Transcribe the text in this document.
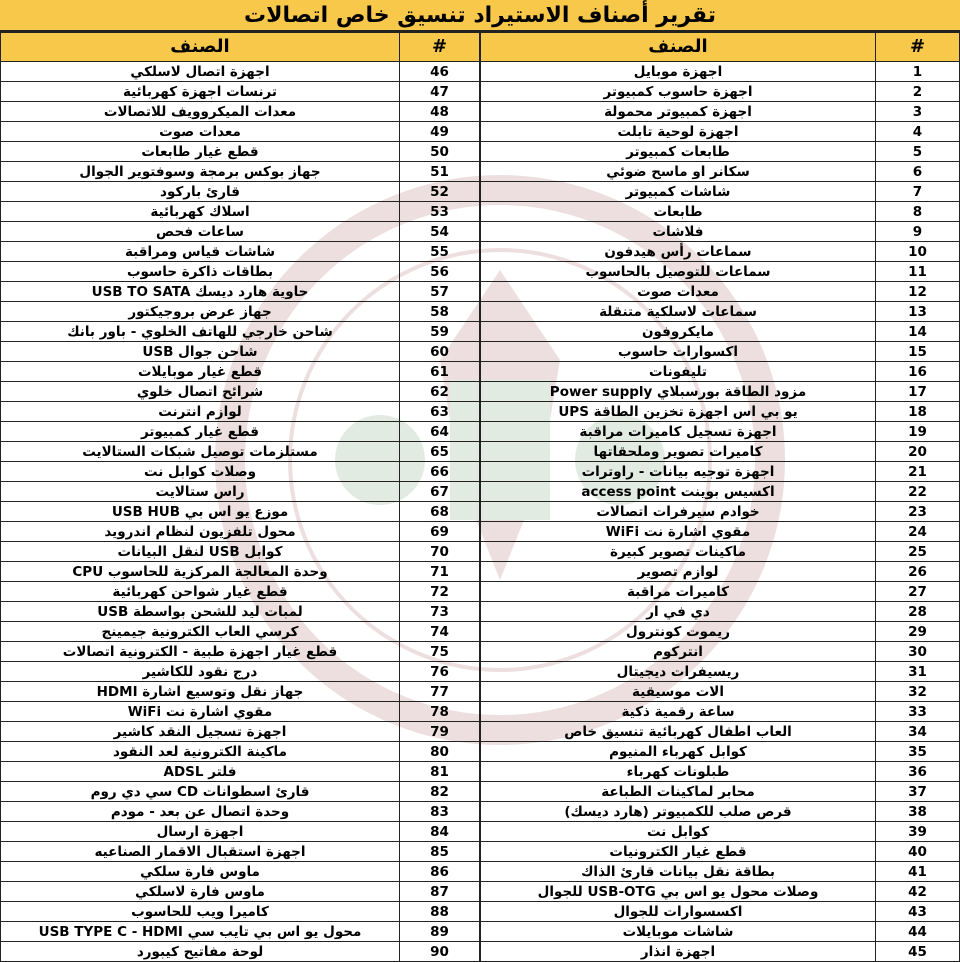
تقرير أصناف الاستيراد تنسيق خاص اتصالات
#	الصنف
1	اجهزة موبايل
2	اجهزة حاسوب كمبيوتر
3	اجهزة كمبيوتر محمولة
4	اجهزة لوحية تابلت
5	طابعات كمبيوتر
6	سكانر او ماسح ضوئي
7	شاشات كمبيوتر
8	طابعات
9	فلاشات
10	سماعات رأس هيدفون
11	سماعات للتوصيل بالحاسوب
12	معدات صوت
13	سماعات لاسلكية متنقلة
14	مايكروفون
15	اكسوارات حاسوب
16	تليفونات
17	مزود الطاقة بورسبلاي Power supply
18	يو بي اس اجهزة تخزين الطاقة UPS
19	اجهزة تسجيل كاميرات مراقبة
20	كاميرات تصوير وملحقاتها
21	اجهزة توجيه بيانات - راوترات
22	اكسيس بوينت access point
23	خوادم سيرفرات اتصالات
24	مقوي اشارة نت WiFi
25	ماكينات تصوير كبيرة
26	لوازم تصوير
27	كاميرات مراقبة
28	دي في ار
29	ريموت كونترول
30	انتركوم
31	ريسيفرات ديجيتال
32	الات موسيقية
33	ساعة رقمية ذكية
34	العاب اطفال كهربائية تنسيق خاص
35	كوابل كهرباء المنيوم
36	طبلونات كهرباء
37	محابر لماكينات الطباعة
38	قرص صلب للكمبيوتر (هارد ديسك)
39	كوابل نت
40	قطع غيار الكترونيات
41	بطاقة نقل بيانات قارئ الذاك
42	وصلات محول يو اس بي USB-OTG للجوال
43	اكسسوارات للجوال
44	شاشات موبايلات
45	اجهزة انذار
#	الصنف
46	اجهزة اتصال لاسلكي
47	ترنسات اجهزة كهربائية
48	معدات الميكروويف للاتصالات
49	معدات صوت
50	قطع غيار طابعات
51	جهاز بوكس برمجة وسوفتوير الجوال
52	قارئ باركود
53	اسلاك كهربائية
54	ساعات فحص
55	شاشات قياس ومراقبة
56	بطاقات ذاكرة حاسوب
57	حاوية هارد ديسك USB TO SATA
58	جهاز عرض بروجيكتور
59	شاحن خارجي للهاتف الخلوي - باور بانك
60	شاحن جوال USB
61	قطع غيار موبايلات
62	شرائح اتصال خلوي
63	لوازم انترنت
64	قطع غيار كمبيوتر
65	مستلزمات توصيل شبكات الستالايت
66	وصلات كوابل نت
67	راس ستالايت
68	موزع يو اس بي USB HUB
69	محول تلفزيون لنظام اندرويد
70	كوابل USB لنقل البيانات
71	وحدة المعالجة المركزية للحاسوب CPU
72	قطع غيار شواحن كهربائية
73	لمبات ليد للشحن بواسطة USB
74	كرسي العاب الكترونية جيمينج
75	قطع غيار اجهزة طبية - الكترونية اتصالات
76	درج نقود للكاشير
77	جهاز نقل وتوسيع اشارة HDMI
78	مقوي اشارة نت WiFi
79	اجهزة تسجيل النقد كاشير
80	ماكينة الكترونية لعد النقود
81	فلتر ADSL
82	قارئ اسطوانات CD سي دي روم
83	وحدة اتصال عن بعد - مودم
84	اجهزة ارسال
85	اجهزة استقبال الاقمار الصناعيه
86	ماوس فارة سلكي
87	ماوس فارة لاسلكي
88	كاميرا ويب للحاسوب
89	محول يو اس بي تايب سي USB TYPE C - HDMI
90	لوحة مفاتيح كيبورد
